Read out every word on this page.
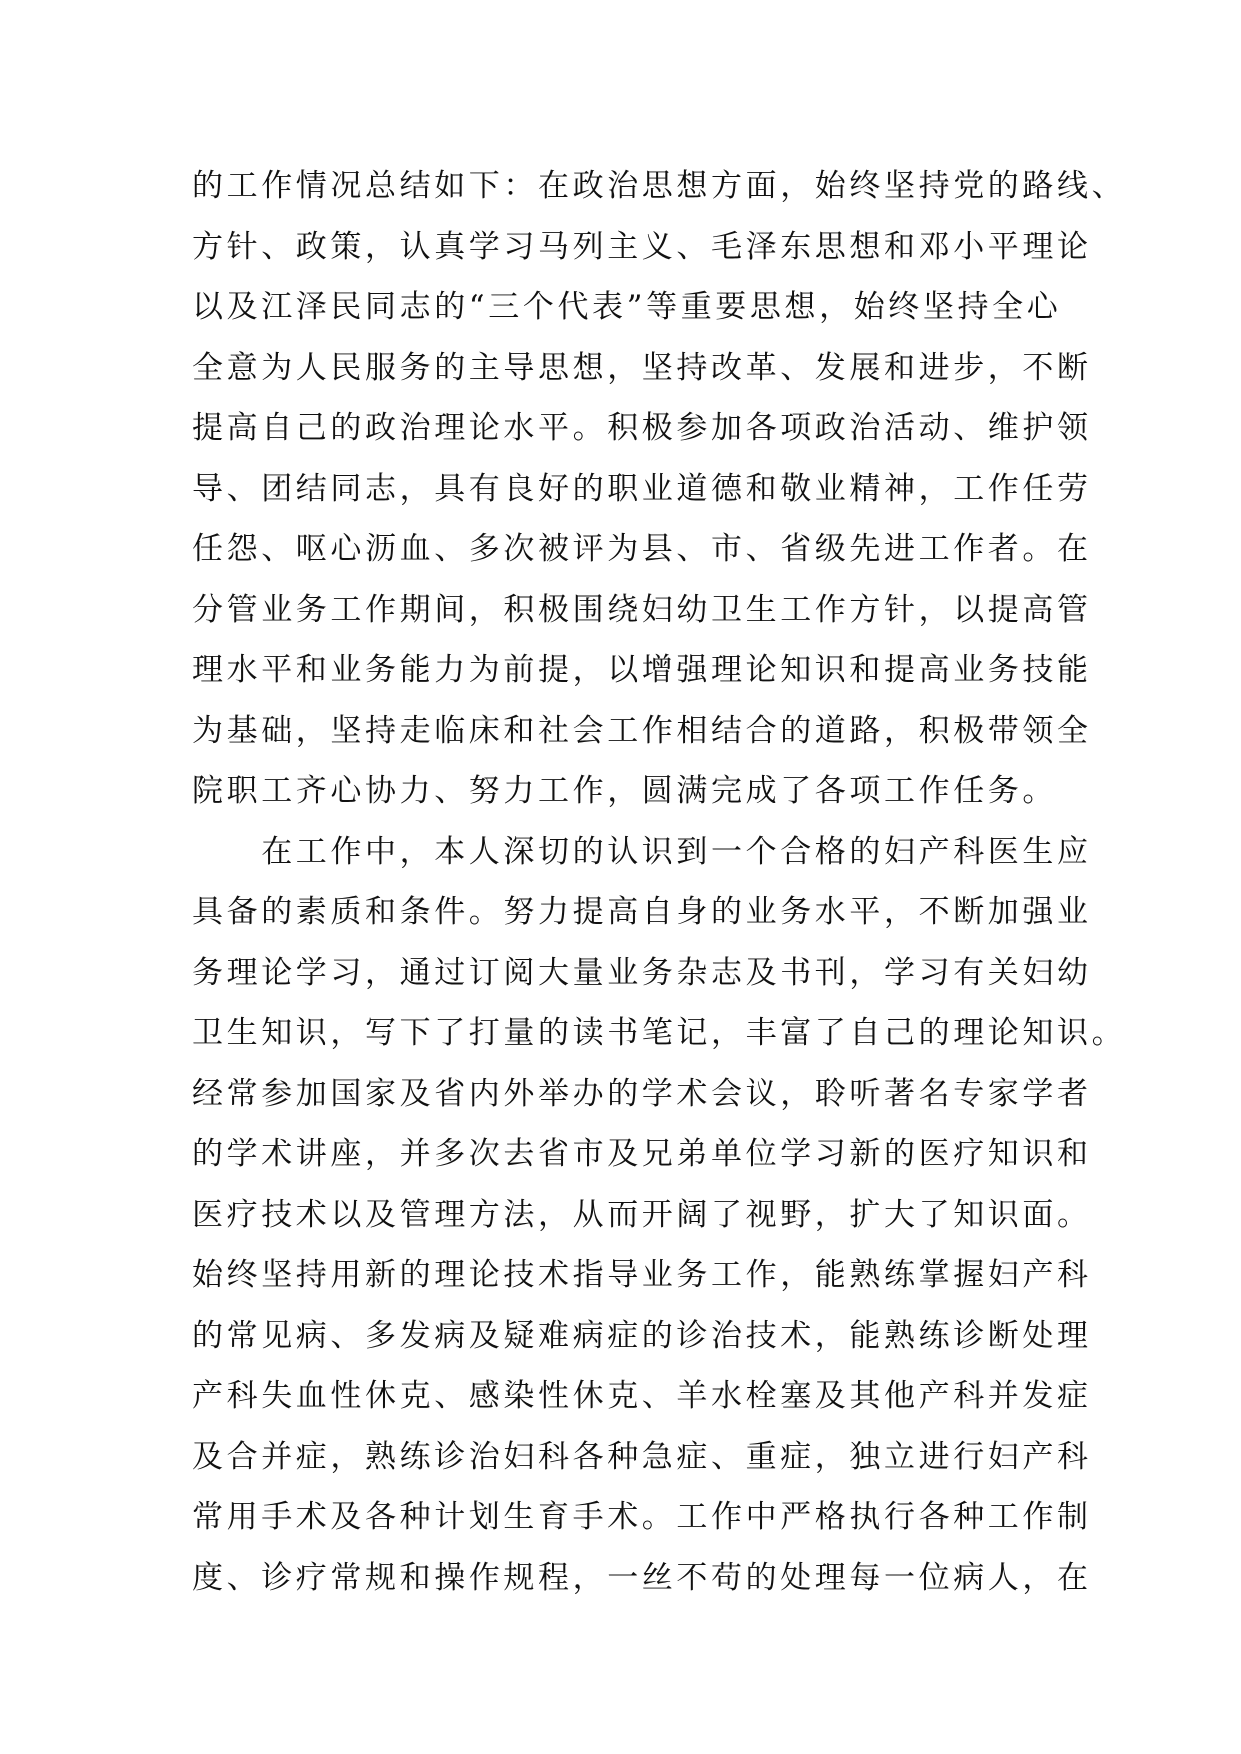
的工作情况总结如下：在政治思想方面，始终坚持党的路线、
方针、政策，认真学习马列主义、毛泽东思想和邓小平理论
以及江泽民同志的“三个代表”等重要思想，始终坚持全心
全意为人民服务的主导思想，坚持改革、发展和进步，不断
提高自己的政治理论水平。积极参加各项政治活动、维护领
导、团结同志，具有良好的职业道德和敬业精神，工作任劳
任怨、呕心沥血、多次被评为县、市、省级先进工作者。在
分管业务工作期间，积极围绕妇幼卫生工作方针，以提高管
理水平和业务能力为前提，以增强理论知识和提高业务技能
为基础，坚持走临床和社会工作相结合的道路，积极带领全
院职工齐心协力、努力工作，圆满完成了各项工作任务。
　　在工作中，本人深切的认识到一个合格的妇产科医生应
具备的素质和条件。努力提高自身的业务水平，不断加强业
务理论学习，通过订阅大量业务杂志及书刊，学习有关妇幼
卫生知识，写下了打量的读书笔记，丰富了自己的理论知识。
经常参加国家及省内外举办的学术会议，聆听著名专家学者
的学术讲座，并多次去省市及兄弟单位学习新的医疗知识和
医疗技术以及管理方法，从而开阔了视野，扩大了知识面。
始终坚持用新的理论技术指导业务工作，能熟练掌握妇产科
的常见病、多发病及疑难病症的诊治技术，能熟练诊断处理
产科失血性休克、感染性休克、羊水栓塞及其他产科并发症
及合并症，熟练诊治妇科各种急症、重症，独立进行妇产科
常用手术及各种计划生育手术。工作中严格执行各种工作制
度、诊疗常规和操作规程，一丝不苟的处理每一位病人，在
